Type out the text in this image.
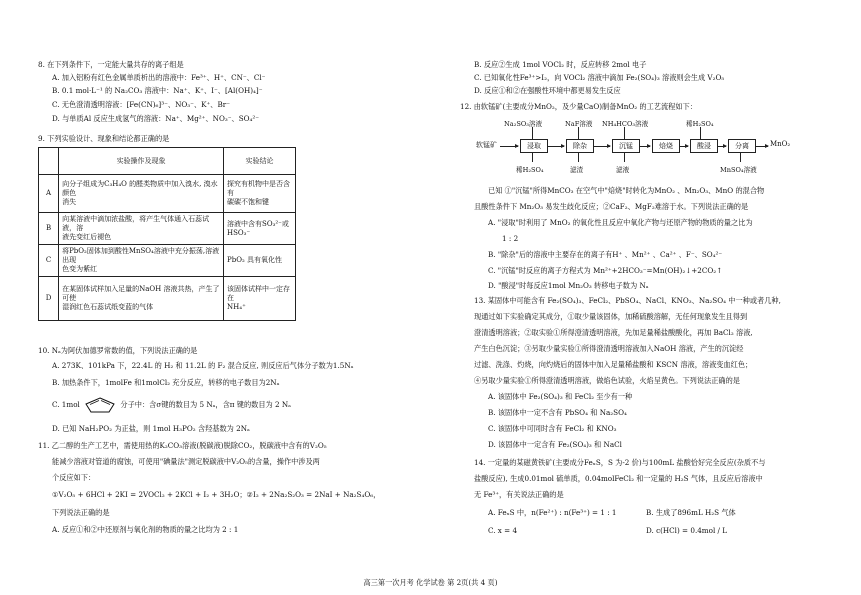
8. 在下列条件下，一定能大量共存的离子组是
A. 加入铝粉有红色金属单质析出的溶液中：Fe³⁺、H⁺、CN⁻、Cl⁻
B. 0.1 mol·L⁻¹ 的 Na₂CO₃ 溶液中：Na⁺、K⁺、I⁻、[Al(OH)₄]⁻
C. 无色澄清透明溶液：[Fe(CN)₆]³⁻、NO₃⁻、K⁺、Br⁻
D. 与单质Al 反应生成氢气的溶液：Na⁺、Mg²⁺、NO₃⁻、SO₄²⁻
9. 下列实验设计、现象和结论都正确的是
	实验操作及现象	实验结论
A	向分子组成为C₃H₄O 的醛类物质中加入溴水, 溴水颜色
消失	探究有机物中是否含有
碳碳不饱和键
B	向某溶液中滴加浓盐酸，将产生气体通入石蕊试液，溶
液先变红后褪色	溶液中含有SO₃²⁻或
HSO₃⁻
C	将PbO₂固体加到酸性MnSO₄溶液中充分振荡,溶液出现
色变为紫红	PbO₂ 具有氧化性
D	在某固体试样加入足量的NaOH 溶液共热，产生了可使
湿润红色石蕊试纸变蓝的气体	该固体试样中一定存在
NH₄⁺
10. Nₐ为阿伏加德罗常数的值，下列说法正确的是
A. 273K、101kPa 下，22.4L 的 H₂ 和 11.2L 的 F₂ 混合反应, 则反应后气体分子数为1.5Nₐ
B. 加热条件下，1molFe 和1molCl₂ 充分反应，转移的电子数目为2Nₐ
C. 1mol	分子中：含σ键的数目为 5 Nₐ，含π 键的数目为 2 Nₐ
D. 已知 NaH₂PO₂ 为正盐，则 1mol H₃PO₂ 含羟基数为 2Nₐ
11. 乙二醇的生产工艺中，需使用热的K₂CO₃溶液(脱碳液)脱除CO₂，脱碳液中含有的V₂O₅
能减少溶液对管道的腐蚀，可使用"碘量法"测定脱碳液中V₂O₅的含量，操作中涉及两
个反应如下：
①V₂O₅ + 6HCl + 2KI = 2VOCl₂ + 2KCl + I₂ + 3H₂O；②I₂ + 2Na₂S₂O₃ = 2NaI + Na₂S₄O₆，
下列说法正确的是
A. 反应①和②中还原剂与氧化剂的物质的量之比均为 2 : 1
B. 反应②生成 1mol VOCl₂ 时，反应转移 2mol 电子
C. 已知氧化性Fe³⁺>I₂，向 VOCl₂ 溶液中滴加 Fe₂(SO₄)₃ 溶液则会生成 V₂O₅
D. 反应①和②在强酸性环境中都更易发生反应
12. 由软锰矿(主要成分MnO₂，及少量CaO)制备MnO₂ 的工艺流程如下：
Na₂SO₃溶液	NaF溶液 NH₄HCO₃溶液	稀H₂SO₄
软锰矿	浸取	除杂	沉锰	焙烧	酸浸	分离	MnO₂
稀H₂SO₄	滤渣	滤液	MnSO₄溶液
已知 ①"沉锰"所得MnCO₃ 在空气中"焙烧"时转化为MnO₂ 、Mn₂O₃、MnO 的混合物
且酸性条件下 Mn₂O₃ 易发生歧化反应；②CaF₂、MgF₂难溶于水。下列说法正确的是
A. "浸取"时利用了 MnO₂ 的氧化性且反应中氧化产物与还原产物的物质的量之比为
1 : 2
B. "除杂"后的溶液中主要存在的离子有H⁺ 、Mn²⁺ 、Ca²⁺ 、F⁻、SO₄²⁻
C. "沉锰"时反应的离子方程式为 Mn²⁺+2HCO₃⁻=Mn(OH)₂↓+2CO₂↑
D. "酸浸"时每反应1mol Mn₂O₃ 转移电子数为 Nₐ
13. 某固体中可能含有 Fe₂(SO₄)₃、FeCl₂、PbSO₄、NaCl、KNO₃、Na₂SO₄ 中一种或者几种,
现通过如下实验确定其成分，①取少量该固体，加稀硫酸溶解，无任何现象发生且得到
澄清透明溶液；②取实验①所得澄清透明溶液，先加足量稀盐酸酸化，再加 BaCl₂ 溶液,
产生白色沉淀；③另取少量实验①所得澄清透明溶液加入NaOH 溶液，产生的沉淀经
过滤、洗涤、灼烧，向灼烧后的固体中加入足量稀盐酸和 KSCN 溶液，溶液变血红色；
④另取少量实验①所得澄清透明溶液，做焰色试验，火焰呈黄色。下列说法正确的是
A. 该固体中 Fe₂(SO₄)₃ 和 FeCl₂ 至少有一种
B. 该固体中一定不含有 PbSO₄ 和 Na₂SO₄
C. 该固体中可同时含有 FeCl₂ 和 KNO₃
D. 该固体中一定含有 Fe₂(SO₄)₃ 和 NaCl
14. 一定量的某磁黄铁矿(主要成分FeₓS，S 为-2 价)与100mL 盐酸恰好完全反应(杂质不与
盐酸反应), 生成0.01mol 硫单质，0.04molFeCl₂ 和一定量的 H₂S 气体，且反应后溶液中
无 Fe³⁺，有关说法正确的是
A. FeₓS 中，n(Fe²⁺) : n(Fe³⁺) = 1 : 1	B. 生成了896mL H₂S 气体
C. x = 4	D. c(HCl) = 0.4mol / L
高三第一次月考 化学试卷 第 2页(共 4 页)
